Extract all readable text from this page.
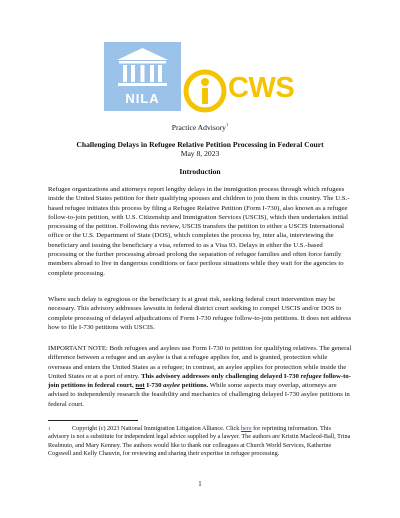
NILA	CWS
Practice Advisory$^1$
Challenging Delays in Refugee Relative Petition Processing in Federal Court
May 8, 2023
Introduction
Refugee organizations and attorneys report lengthy delays in the immigration process through which refugees inside the United States petition for their qualifying spouses and children to join them in this country. The U.S.-based refugee initiates this process by filing a Refugee Relative Petition (Form I-730), also known as a refugee follow-to-join petition, with U.S. Citizenship and Immigration Services (USCIS), which then undertakes initial processing of the petition. Following this review, USCIS transfers the petition to either a USCIS International office or the U.S. Department of State (DOS), which completes the process by, inter alia, interviewing the beneficiary and issuing the beneficiary a visa, referred to as a Visa 93. Delays in either the U.S.-based processing or the further processing abroad prolong the separation of refugee families and often force family members abroad to live in dangerous conditions or face perilous situations while they wait for the agencies to complete processing.
Where such delay is egregious or the beneficiary is at great risk, seeking federal court intervention may be necessary. This advisory addresses lawsuits in federal district court seeking to compel USCIS and/or DOS to complete processing of delayed adjudications of Form I-730 refugee follow-to-join petitions. It does not address how to file I-730 petitions with USCIS.
IMPORTANT NOTE: Both refugees and asylees use Form I-730 to petition for qualifying relatives. The general difference between a refugee and an asylee is that a refugee applies for, and is granted, protection while overseas and enters the United States as a refugee; in contrast, an asylee applies for protection while inside the United States or at a port of entry. This advisory addresses only challenging delayed I-730 refugee follow-to-join petitions in federal court, not I-730 asylee petitions. While some aspects may overlap, attorneys are advised to independently research the feasibility and mechanics of challenging delayed I-730 asylee petitions in federal court.
1	Copyright (c) 2023 National Immigration Litigation Alliance. Click here for reprinting information. This advisory is not a substitute for independent legal advice supplied by a lawyer. The authors are Kristin Macleod-Ball, Trina Realmuto, and Mary Kenney. The authors would like to thank our colleagues at Church World Services, Katherine Cogswell and Kelly Chauvin, for reviewing and sharing their expertise in refugee processing.
1
